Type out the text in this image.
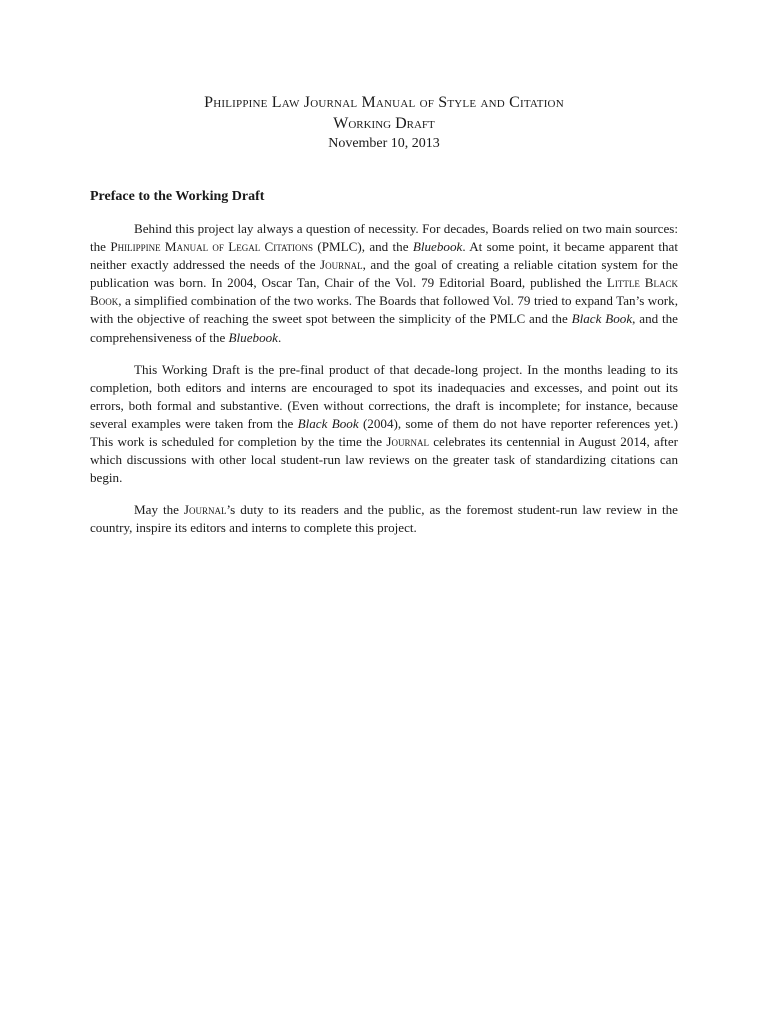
Philippine Law Journal Manual of Style and Citation

Working Draft

November 10, 2013

Preface to the Working Draft

Behind this project lay always a question of necessity. For decades, Boards relied on two main sources: the Philippine Manual of Legal Citations (PMLC), and the Bluebook. At some point, it became apparent that neither exactly addressed the needs of the Journal, and the goal of creating a reliable citation system for the publication was born. In 2004, Oscar Tan, Chair of the Vol. 79 Editorial Board, published the Little Black Book, a simplified combination of the two works. The Boards that followed Vol. 79 tried to expand Tan’s work, with the objective of reaching the sweet spot between the simplicity of the PMLC and the Black Book, and the comprehensiveness of the Bluebook.

This Working Draft is the pre-final product of that decade-long project. In the months leading to its completion, both editors and interns are encouraged to spot its inadequacies and excesses, and point out its errors, both formal and substantive. (Even without corrections, the draft is incomplete; for instance, because several examples were taken from the Black Book (2004), some of them do not have reporter references yet.) This work is scheduled for completion by the time the Journal celebrates its centennial in August 2014, after which discussions with other local student-run law reviews on the greater task of standardizing citations can begin.

May the Journal’s duty to its readers and the public, as the foremost student-run law review in the country, inspire its editors and interns to complete this project.
